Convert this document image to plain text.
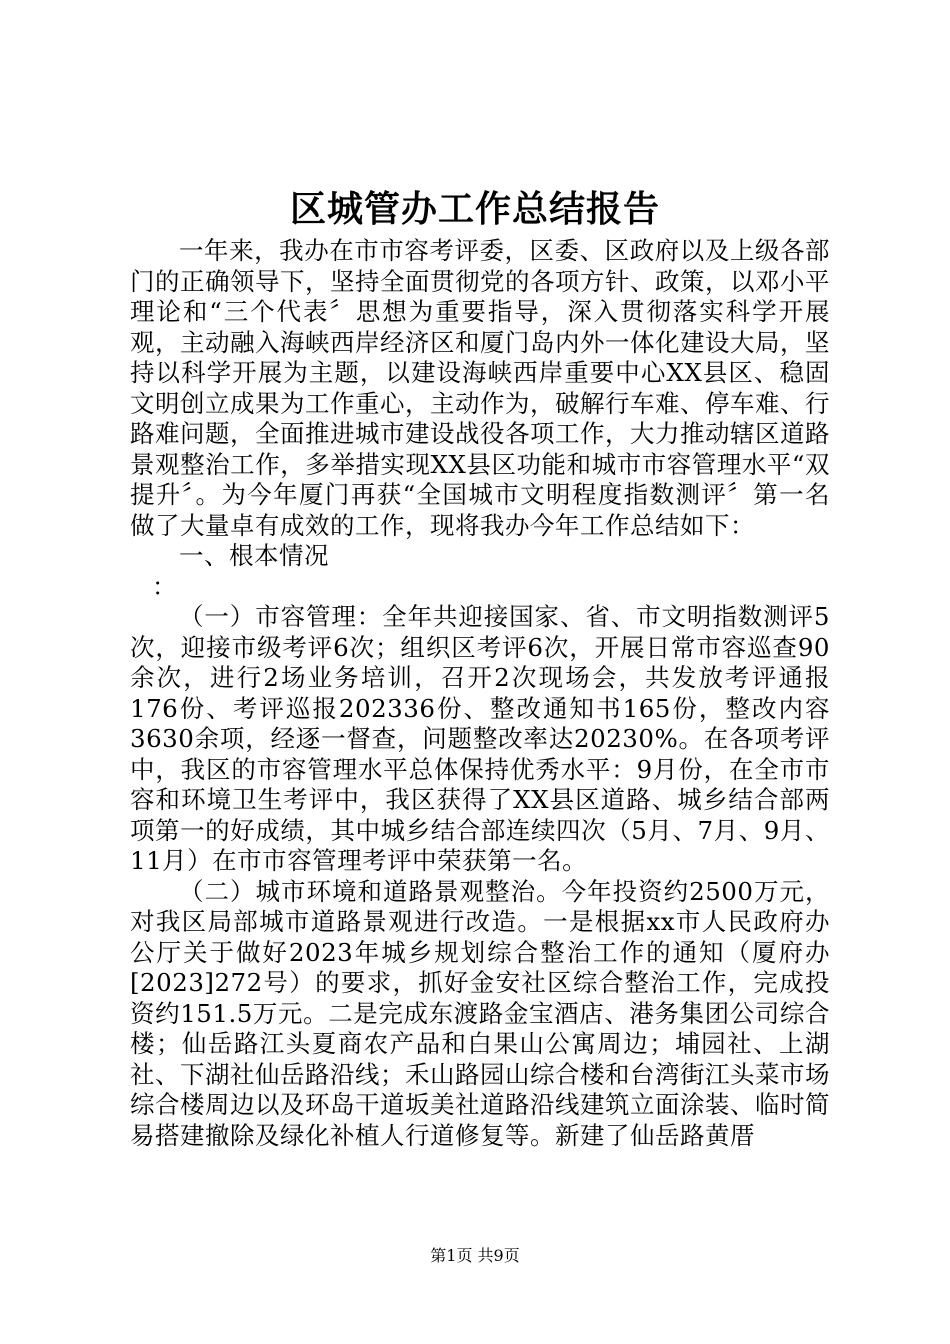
区城管办工作总结报告

一年来，我办在市市容考评委，区委、区政府以及上级各部门的正确领导下，坚持全面贯彻党的各项方针、政策，以邓小平理论和“三个代表〞思想为重要指导，深入贯彻落实科学开展观，主动融入海峡西岸经济区和厦门岛内外一体化建设大局，坚持以科学开展为主题，以建设海峡西岸重要中心XX县区、稳固文明创立成果为工作重心，主动作为，破解行车难、停车难、行路难问题，全面推进城市建设战役各项工作，大力推动辖区道路景观整治工作，多举措实现XX县区功能和城市市容管理水平“双提升〞。为今年厦门再获“全国城市文明程度指数测评〞第一名做了大量卓有成效的工作，现将我办今年工作总结如下：

一、根本情况

：

（一）市容管理：全年共迎接国家、省、市文明指数测评5次，迎接市级考评6次；组织区考评6次，开展日常市容巡查90余次，进行2场业务培训，召开2次现场会，共发放考评通报176份、考评巡报202336份、整改通知书165份，整改内容3630余项，经逐一督查，问题整改率达20230%。在各项考评中，我区的市容管理水平总体保持优秀水平：9月份，在全市市容和环境卫生考评中，我区获得了XX县区道路、城乡结合部两项第一的好成绩，其中城乡结合部连续四次（5月、7月、9月、11月）在市市容管理考评中荣获第一名。

（二）城市环境和道路景观整治。今年投资约2500万元，对我区局部城市道路景观进行改造。一是根据xx市人民政府办公厅关于做好2023年城乡规划综合整治工作的通知（厦府办[2023]272号）的要求，抓好金安社区综合整治工作，完成投资约151.5万元。二是完成东渡路金宝酒店、港务集团公司综合楼；仙岳路江头夏商农产品和白果山公寓周边；埔园社、上湖社、下湖社仙岳路沿线；禾山路园山综合楼和台湾街江头菜市场综合楼周边以及环岛干道坂美社道路沿线建筑立面涂装、临时简易搭建撤除及绿化补植人行道修复等。新建了仙岳路黄厝

第1页 共9页
